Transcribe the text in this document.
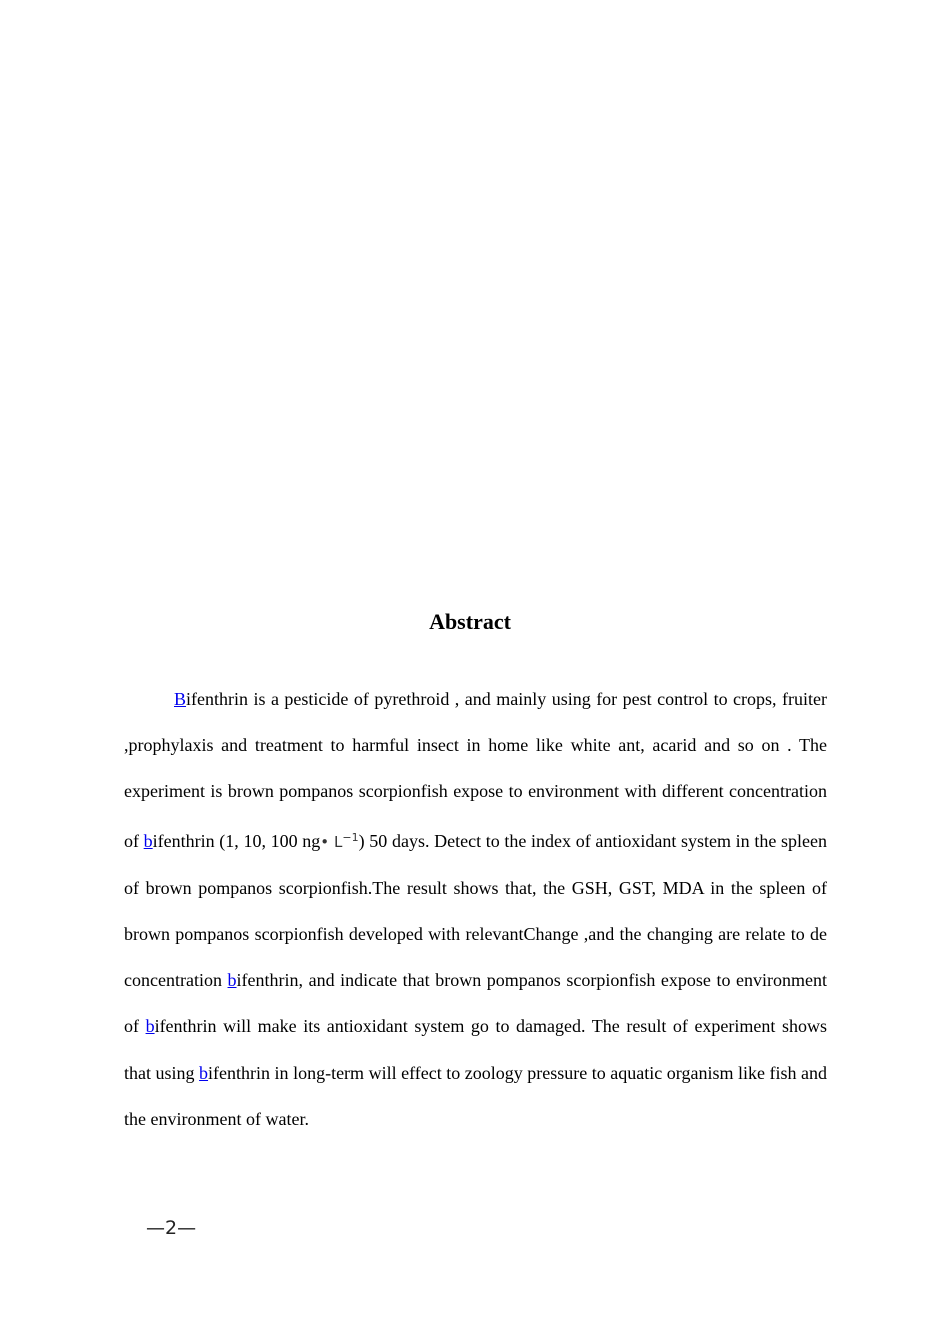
Abstract

Bifenthrin is a pesticide of pyrethroid , and mainly using for pest control to crops, fruiter ,prophylaxis and treatment to harmful insect in home like white ant, acarid and so on . The experiment is brown pompanos scorpionfish expose to environment with different concentration of bifenthrin (1, 10, 100 ng• $L^{-1}$) 50 days. Detect to the index of antioxidant system in the spleen of brown pompanos scorpionfish.The result shows that, the GSH, GST, MDA in the spleen of brown pompanos scorpionfish developed with relevantChange ,and the changing are relate to de concentration bifenthrin, and indicate that brown pompanos scorpionfish expose to environment of bifenthrin will make its antioxidant system go to damaged. The result of experiment shows that using bifenthrin in long-term will effect to zoology pressure to aquatic organism like fish and the environment of water.

—2—
